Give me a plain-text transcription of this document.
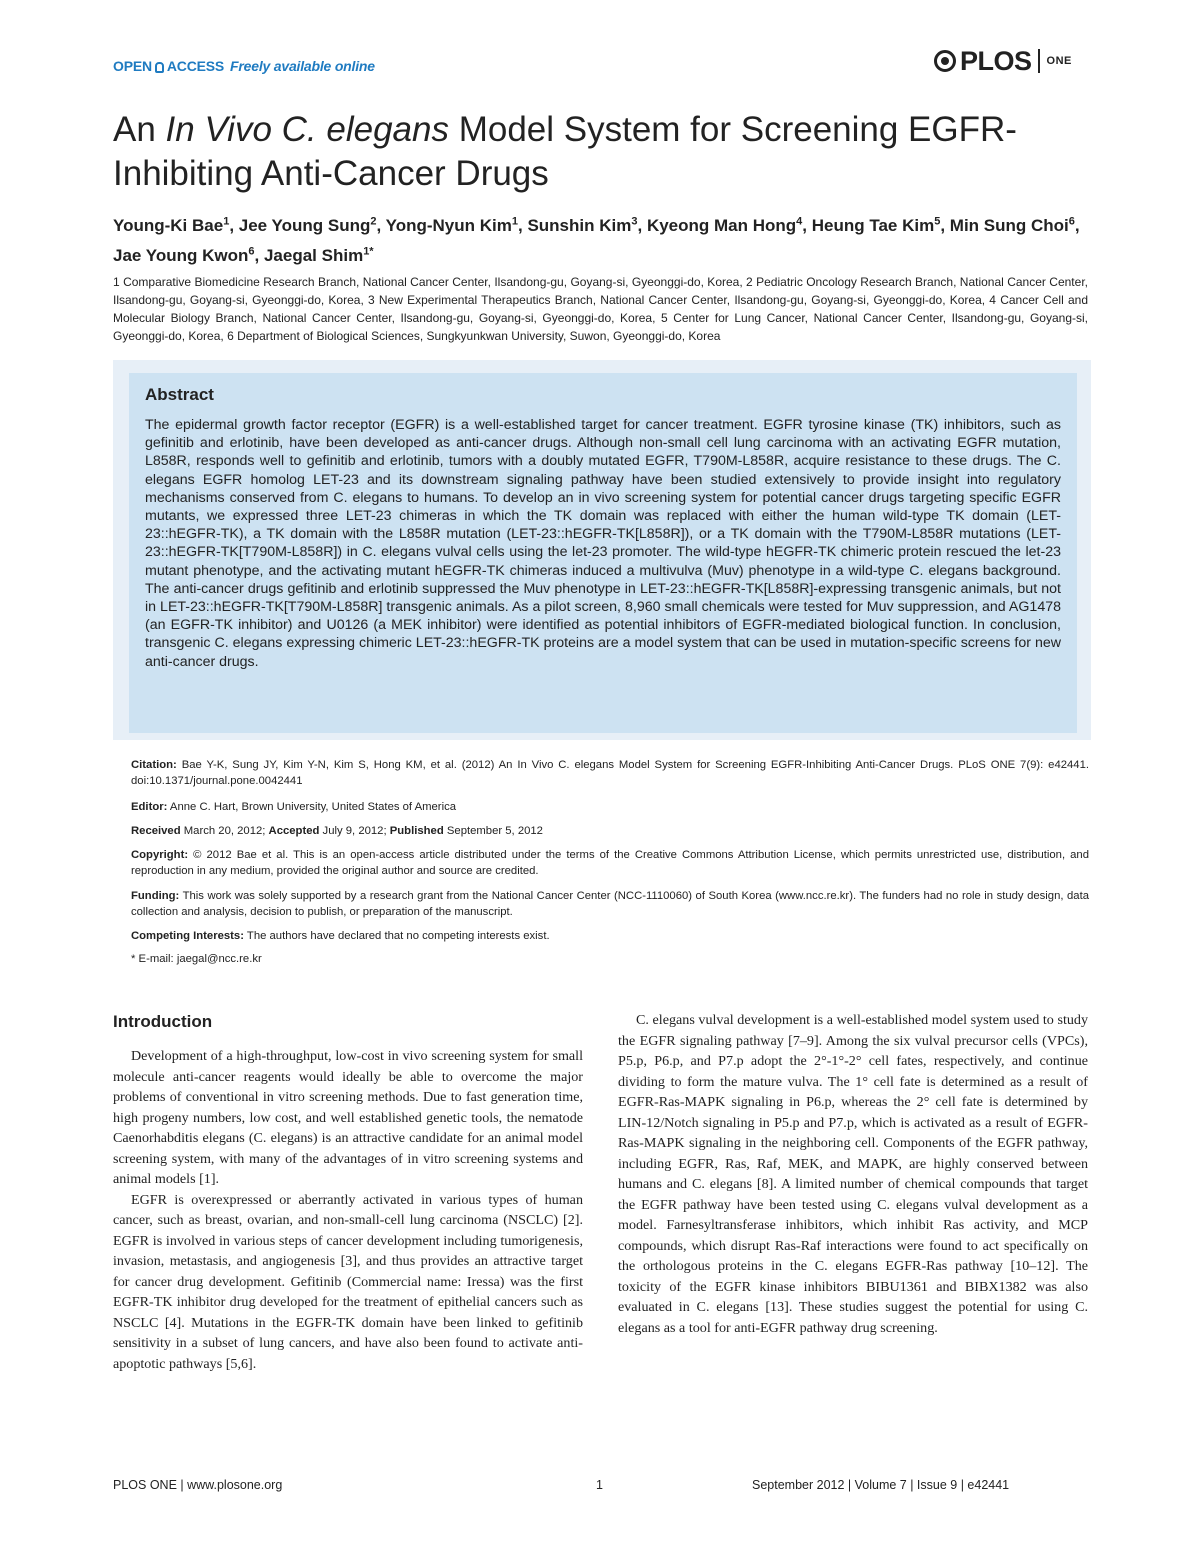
OPEN ACCESS Freely available online	PLOS ONE
An In Vivo C. elegans Model System for Screening EGFR-Inhibiting Anti-Cancer Drugs
Young-Ki Bae$^1$, Jee Young Sung$^2$, Yong-Nyun Kim$^1$, Sunshin Kim$^3$, Kyeong Man Hong$^4$, Heung Tae Kim$^5$, Min Sung Choi$^6$, Jae Young Kwon$^6$, Jaegal Shim$^{1*}$
1 Comparative Biomedicine Research Branch, National Cancer Center, Ilsandong-gu, Goyang-si, Gyeonggi-do, Korea, 2 Pediatric Oncology Research Branch, National Cancer Center, Ilsandong-gu, Goyang-si, Gyeonggi-do, Korea, 3 New Experimental Therapeutics Branch, National Cancer Center, Ilsandong-gu, Goyang-si, Gyeonggi-do, Korea, 4 Cancer Cell and Molecular Biology Branch, National Cancer Center, Ilsandong-gu, Goyang-si, Gyeonggi-do, Korea, 5 Center for Lung Cancer, National Cancer Center, Ilsandong-gu, Goyang-si, Gyeonggi-do, Korea, 6 Department of Biological Sciences, Sungkyunkwan University, Suwon, Gyeonggi-do, Korea
Abstract
The epidermal growth factor receptor (EGFR) is a well-established target for cancer treatment. EGFR tyrosine kinase (TK) inhibitors, such as gefinitib and erlotinib, have been developed as anti-cancer drugs. Although non-small cell lung carcinoma with an activating EGFR mutation, L858R, responds well to gefinitib and erlotinib, tumors with a doubly mutated EGFR, T790M-L858R, acquire resistance to these drugs. The C. elegans EGFR homolog LET-23 and its downstream signaling pathway have been studied extensively to provide insight into regulatory mechanisms conserved from C. elegans to humans. To develop an in vivo screening system for potential cancer drugs targeting specific EGFR mutants, we expressed three LET-23 chimeras in which the TK domain was replaced with either the human wild-type TK domain (LET-23::hEGFR-TK), a TK domain with the L858R mutation (LET-23::hEGFR-TK[L858R]), or a TK domain with the T790M-L858R mutations (LET-23::hEGFR-TK[T790M-L858R]) in C. elegans vulval cells using the let-23 promoter. The wild-type hEGFR-TK chimeric protein rescued the let-23 mutant phenotype, and the activating mutant hEGFR-TK chimeras induced a multivulva (Muv) phenotype in a wild-type C. elegans background. The anti-cancer drugs gefitinib and erlotinib suppressed the Muv phenotype in LET-23::hEGFR-TK[L858R]-expressing transgenic animals, but not in LET-23::hEGFR-TK[T790M-L858R] transgenic animals. As a pilot screen, 8,960 small chemicals were tested for Muv suppression, and AG1478 (an EGFR-TK inhibitor) and U0126 (a MEK inhibitor) were identified as potential inhibitors of EGFR-mediated biological function. In conclusion, transgenic C. elegans expressing chimeric LET-23::hEGFR-TK proteins are a model system that can be used in mutation-specific screens for new anti-cancer drugs.
Citation: Bae Y-K, Sung JY, Kim Y-N, Kim S, Hong KM, et al. (2012) An In Vivo C. elegans Model System for Screening EGFR-Inhibiting Anti-Cancer Drugs. PLoS ONE 7(9): e42441. doi:10.1371/journal.pone.0042441
Editor: Anne C. Hart, Brown University, United States of America
Received March 20, 2012; Accepted July 9, 2012; Published September 5, 2012
Copyright: © 2012 Bae et al. This is an open-access article distributed under the terms of the Creative Commons Attribution License, which permits unrestricted use, distribution, and reproduction in any medium, provided the original author and source are credited.
Funding: This work was solely supported by a research grant from the National Cancer Center (NCC-1110060) of South Korea (www.ncc.re.kr). The funders had no role in study design, data collection and analysis, decision to publish, or preparation of the manuscript.
Competing Interests: The authors have declared that no competing interests exist.
* E-mail: jaegal@ncc.re.kr
Introduction

Development of a high-throughput, low-cost in vivo screening system for small molecule anti-cancer reagents would ideally be able to overcome the major problems of conventional in vitro screening methods. Due to fast generation time, high progeny numbers, low cost, and well established genetic tools, the nematode Caenorhabditis elegans (C. elegans) is an attractive candidate for an animal model screening system, with many of the advantages of in vitro screening systems and animal models [1].

EGFR is overexpressed or aberrantly activated in various types of human cancer, such as breast, ovarian, and non-small-cell lung carcinoma (NSCLC) [2]. EGFR is involved in various steps of cancer development including tumorigenesis, invasion, metastasis, and angiogenesis [3], and thus provides an attractive target for cancer drug development. Gefitinib (Commercial name: Iressa) was the first EGFR-TK inhibitor drug developed for the treatment of epithelial cancers such as NSCLC [4]. Mutations in the EGFR-TK domain have been linked to gefitinib sensitivity in a subset of lung cancers, and have also been found to activate anti-apoptotic pathways [5,6].

C. elegans vulval development is a well-established model system used to study the EGFR signaling pathway [7–9]. Among the six vulval precursor cells (VPCs), P5.p, P6.p, and P7.p adopt the 2°-1°-2° cell fates, respectively, and continue dividing to form the mature vulva. The 1° cell fate is determined as a result of EGFR-Ras-MAPK signaling in P6.p, whereas the 2° cell fate is determined by LIN-12/Notch signaling in P5.p and P7.p, which is activated as a result of EGFR-Ras-MAPK signaling in the neighboring cell. Components of the EGFR pathway, including EGFR, Ras, Raf, MEK, and MAPK, are highly conserved between humans and C. elegans [8]. A limited number of chemical compounds that target the EGFR pathway have been tested using C. elegans vulval development as a model. Farnesyltransferase inhibitors, which inhibit Ras activity, and MCP compounds, which disrupt Ras-Raf interactions were found to act specifically on the orthologous proteins in the C. elegans EGFR-Ras pathway [10–12]. The toxicity of the EGFR kinase inhibitors BIBU1361 and BIBX1382 was also evaluated in C. elegans [13]. These studies suggest the potential for using C. elegans as a tool for anti-EGFR pathway drug screening.

PLOS ONE | www.plosone.org	1	September 2012 | Volume 7 | Issue 9 | e42441
